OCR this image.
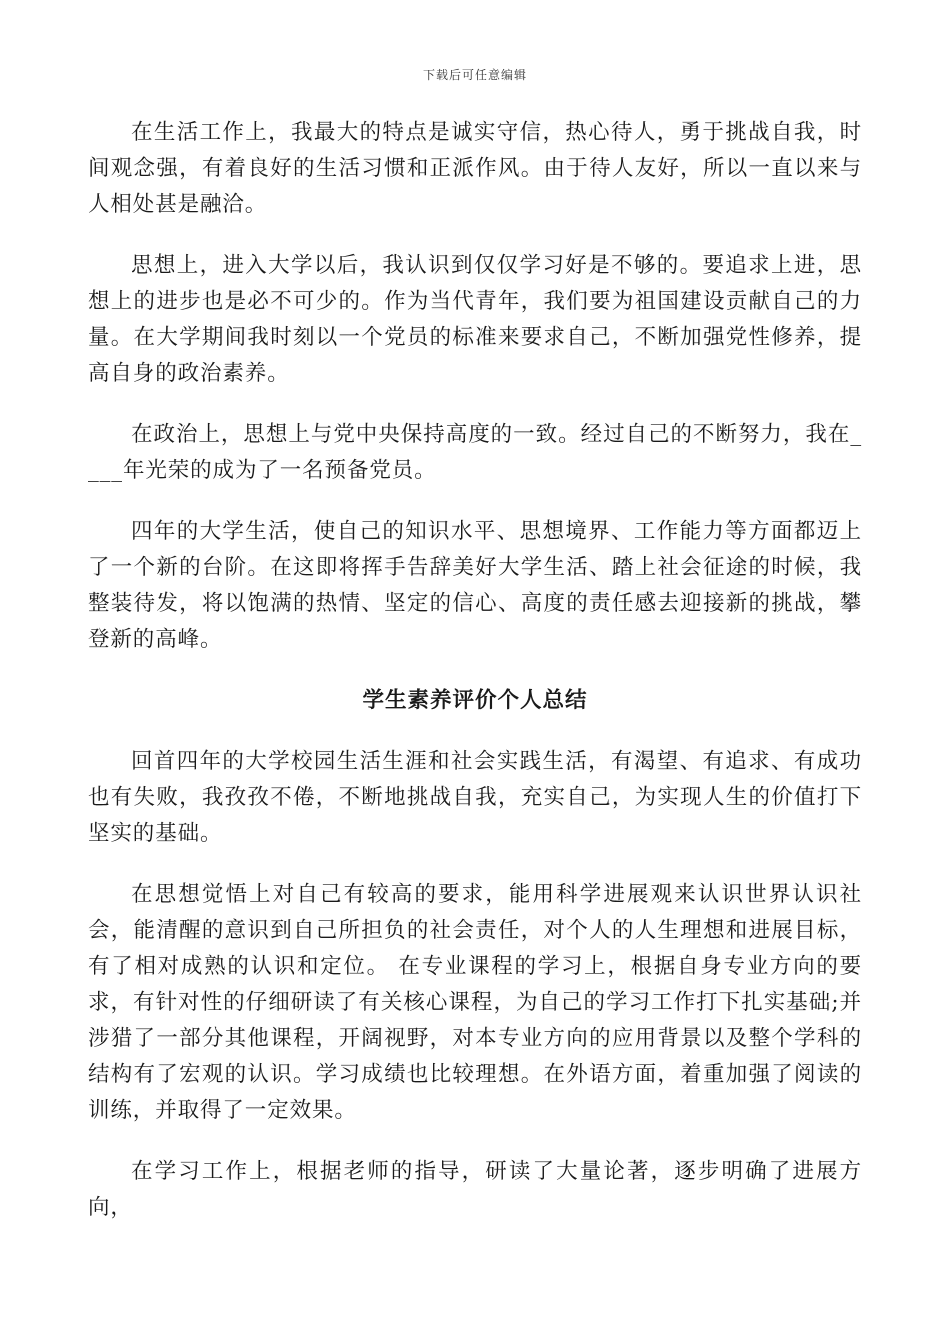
下载后可任意编辑

在生活工作上，我最大的特点是诚实守信，热心待人，勇于挑战自我，时间观念强，有着良好的生活习惯和正派作风。由于待人友好，所以一直以来与人相处甚是融洽。

思想上，进入大学以后，我认识到仅仅学习好是不够的。要追求上进，思想上的进步也是必不可少的。作为当代青年，我们要为祖国建设贡献自己的力量。在大学期间我时刻以一个党员的标准来要求自己，不断加强党性修养，提高自身的政治素养。

在政治上，思想上与党中央保持高度的一致。经过自己的不断努力，我在____年光荣的成为了一名预备党员。

四年的大学生活，使自己的知识水平、思想境界、工作能力等方面都迈上了一个新的台阶。在这即将挥手告辞美好大学生活、踏上社会征途的时候，我整装待发，将以饱满的热情、坚定的信心、高度的责任感去迎接新的挑战，攀登新的高峰。

学生素养评价个人总结

回首四年的大学校园生活生涯和社会实践生活，有渴望、有追求、有成功也有失败，我孜孜不倦，不断地挑战自我，充实自己，为实现人生的价值打下坚实的基础。

在思想觉悟上对自己有较高的要求，能用科学进展观来认识世界认识社会，能清醒的意识到自己所担负的社会责任，对个人的人生理想和进展目标，有了相对成熟的认识和定位。 在专业课程的学习上，根据自身专业方向的要求，有针对性的仔细研读了有关核心课程，为自己的学习工作打下扎实基础;并涉猎了一部分其他课程，开阔视野，对本专业方向的应用背景以及整个学科的结构有了宏观的认识。学习成绩也比较理想。在外语方面，着重加强了阅读的训练，并取得了一定效果。

在学习工作上，根据老师的指导，研读了大量论著，逐步明确了进展方向，
